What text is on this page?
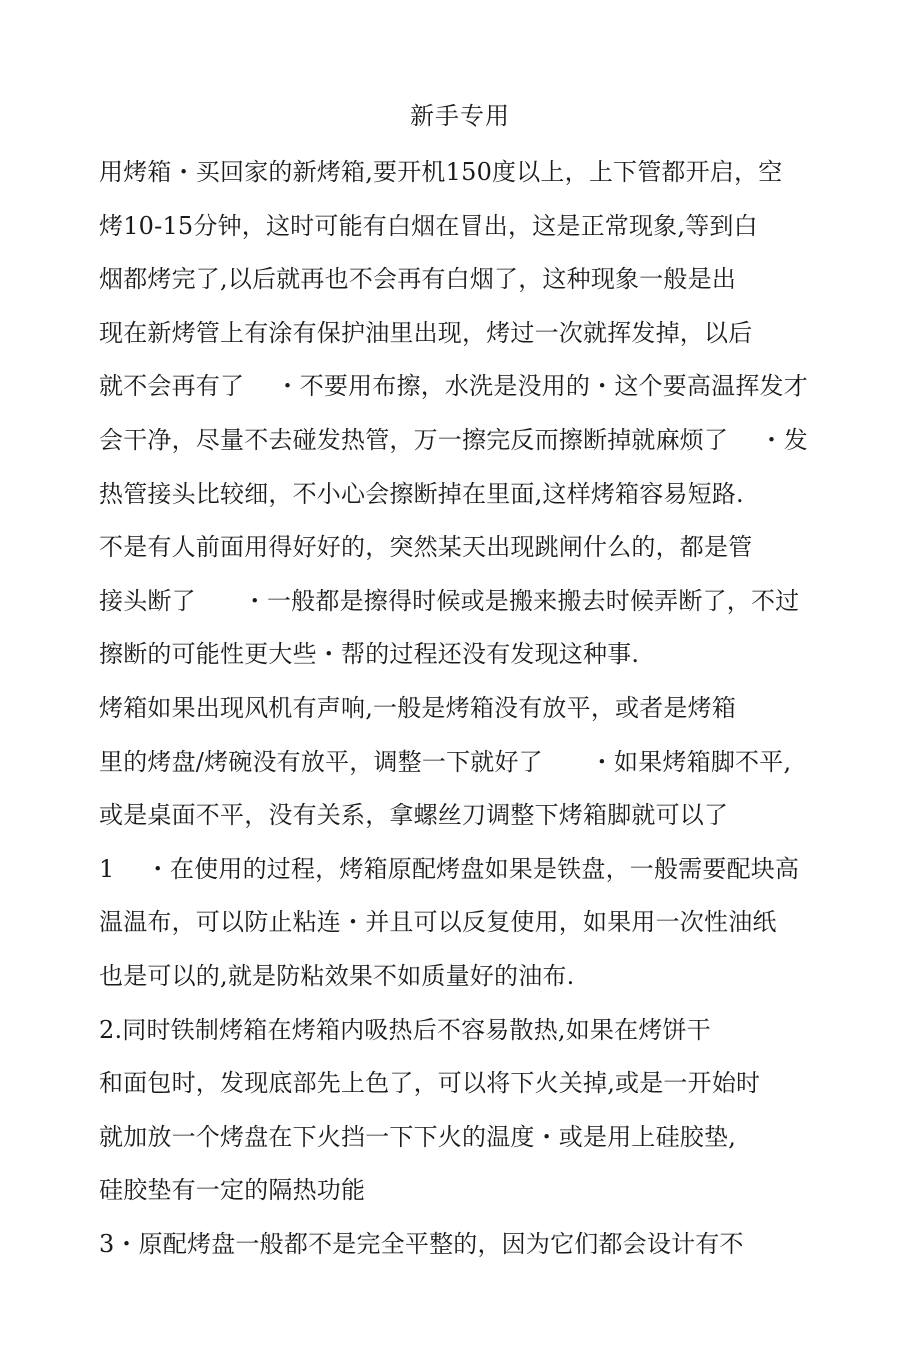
新手专用
用烤箱・买回家的新烤箱,要开机150度以上，上下管都开启，空
烤10-15分钟，这时可能有白烟在冒出，这是正常现象,等到白
烟都烤完了,以后就再也不会再有白烟了，这种现象一般是出
现在新烤管上有涂有保护油里出现，烤过一次就挥发掉，以后
就不会再有了    ・不要用布擦，水洗是没用的・这个要高温挥发才
会干净，尽量不去碰发热管，万一擦完反而擦断掉就麻烦了    ・发
热管接头比较细，不小心会擦断掉在里面,这样烤箱容易短路.
不是有人前面用得好好的，突然某天出现跳闸什么的，都是管
接头断了      ・一般都是擦得时候或是搬来搬去时候弄断了，不过
擦断的可能性更大些・帮的过程还没有发现这种事.
烤箱如果出现风机有声响,一般是烤箱没有放平，或者是烤箱
里的烤盘/烤碗没有放平，调整一下就好了      ・如果烤箱脚不平,
或是桌面不平，没有关系，拿螺丝刀调整下烤箱脚就可以了
1    ・在使用的过程，烤箱原配烤盘如果是铁盘，一般需要配块高
温温布，可以防止粘连・并且可以反复使用，如果用一次性油纸
也是可以的,就是防粘效果不如质量好的油布.
2.同时铁制烤箱在烤箱内吸热后不容易散热,如果在烤饼干
和面包时，发现底部先上色了，可以将下火关掉,或是一开始时
就加放一个烤盘在下火挡一下下火的温度・或是用上硅胶垫,
硅胶垫有一定的隔热功能
3・原配烤盘一般都不是完全平整的，因为它们都会设计有不
